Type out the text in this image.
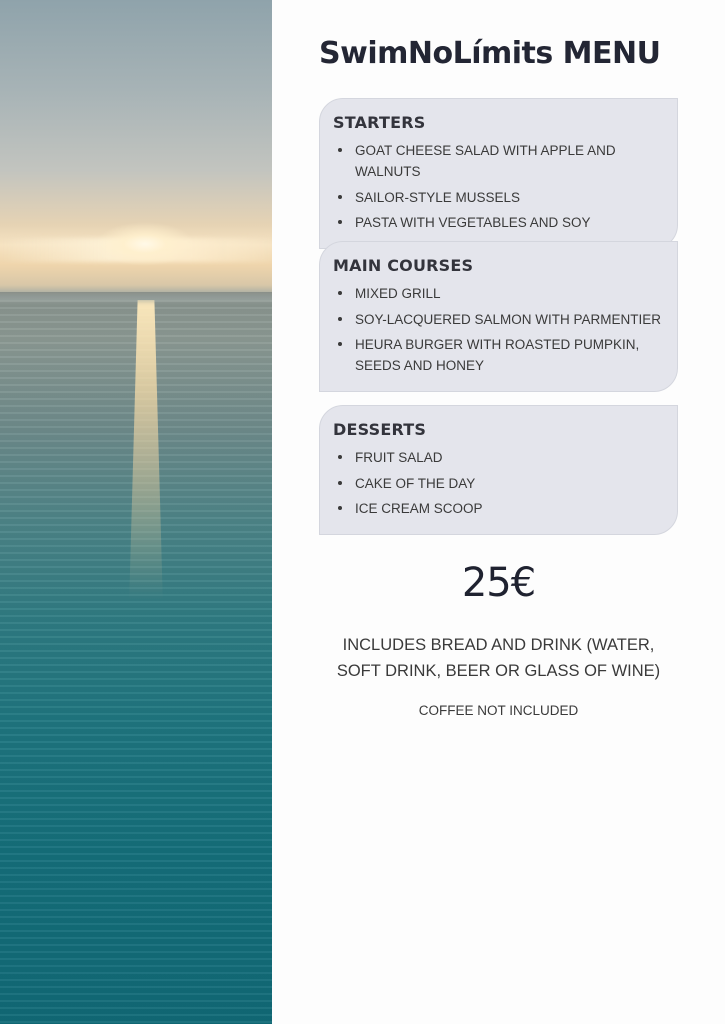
SwimNoLímits MENU
STARTERS
GOAT CHEESE SALAD WITH APPLE AND WALNUTS
SAILOR-STYLE MUSSELS
PASTA WITH VEGETABLES AND SOY
MAIN COURSES
MIXED GRILL
SOY-LACQUERED SALMON WITH PARMENTIER
HEURA BURGER WITH ROASTED PUMPKIN, SEEDS AND HONEY
DESSERTS
FRUIT SALAD
CAKE OF THE DAY
ICE CREAM SCOOP
25€
INCLUDES BREAD AND DRINK (WATER, SOFT DRINK, BEER OR GLASS OF WINE)
COFFEE NOT INCLUDED
